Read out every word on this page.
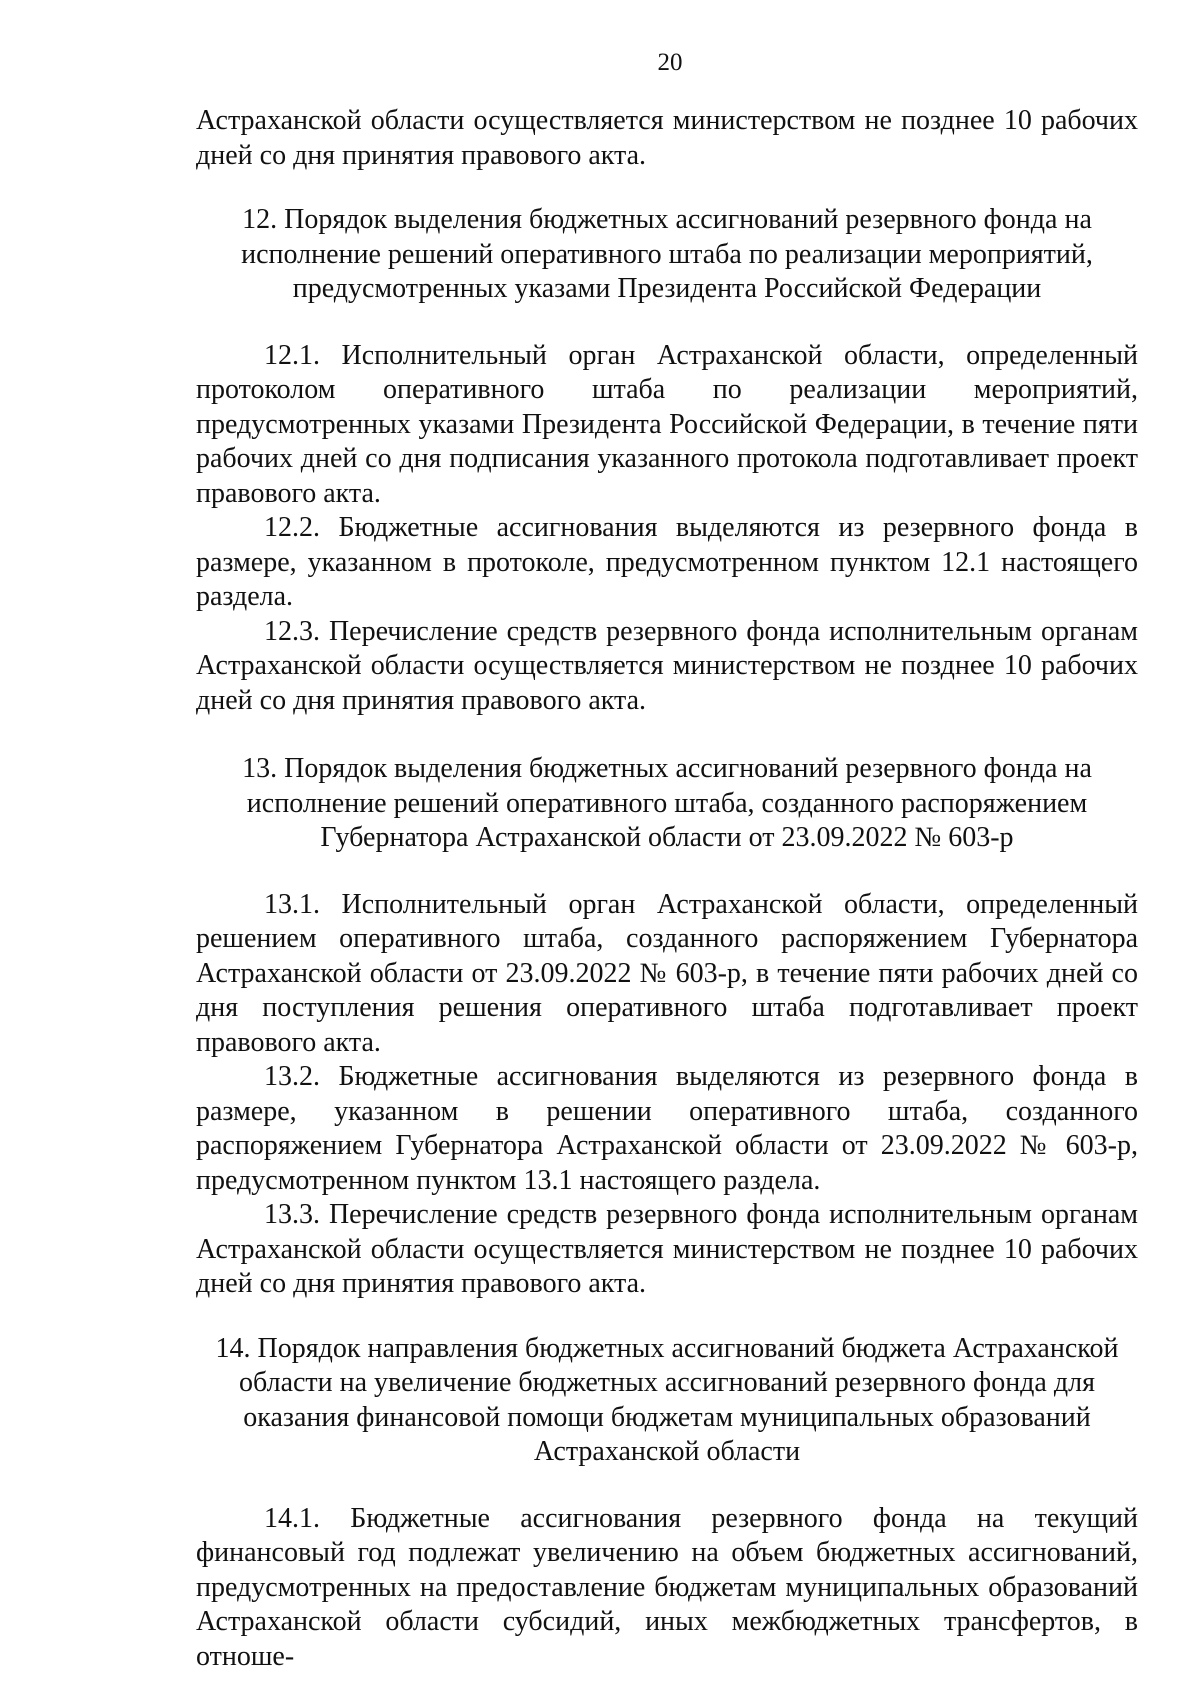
20

Астраханской области осуществляется министерством не позднее 10 рабочих дней со дня принятия правового акта.

12. Порядок выделения бюджетных ассигнований резервного фонда на исполнение решений оперативного штаба по реализации мероприятий, предусмотренных указами Президента Российской Федерации

12.1. Исполнительный орган Астраханской области, определенный протоколом оперативного штаба по реализации мероприятий, предусмотренных указами Президента Российской Федерации, в течение пяти рабочих дней со дня подписания указанного протокола подготавливает проект правового акта.

12.2. Бюджетные ассигнования выделяются из резервного фонда в размере, указанном в протоколе, предусмотренном пунктом 12.1 настоящего раздела.

12.3. Перечисление средств резервного фонда исполнительным органам Астраханской области осуществляется министерством не позднее 10 рабочих дней со дня принятия правового акта.

13. Порядок выделения бюджетных ассигнований резервного фонда на исполнение решений оперативного штаба, созданного распоряжением Губернатора Астраханской области от 23.09.2022 № 603-р

13.1. Исполнительный орган Астраханской области, определенный решением оперативного штаба, созданного распоряжением Губернатора Астраханской области от 23.09.2022 № 603-р, в течение пяти рабочих дней со дня поступления решения оперативного штаба подготавливает проект правового акта.

13.2. Бюджетные ассигнования выделяются из резервного фонда в размере, указанном в решении оперативного штаба, созданного распоряжением Губернатора Астраханской области от 23.09.2022 № 603-р, предусмотренном пунктом 13.1 настоящего раздела.

13.3. Перечисление средств резервного фонда исполнительным органам Астраханской области осуществляется министерством не позднее 10 рабочих дней со дня принятия правового акта.

14. Порядок направления бюджетных ассигнований бюджета Астраханской области на увеличение бюджетных ассигнований резервного фонда для оказания финансовой помощи бюджетам муниципальных образований Астраханской области

14.1. Бюджетные ассигнования резервного фонда на текущий финансовый год подлежат увеличению на объем бюджетных ассигнований, предусмотренных на предоставление бюджетам муниципальных образований Астраханской области субсидий, иных межбюджетных трансфертов, в отноше-
